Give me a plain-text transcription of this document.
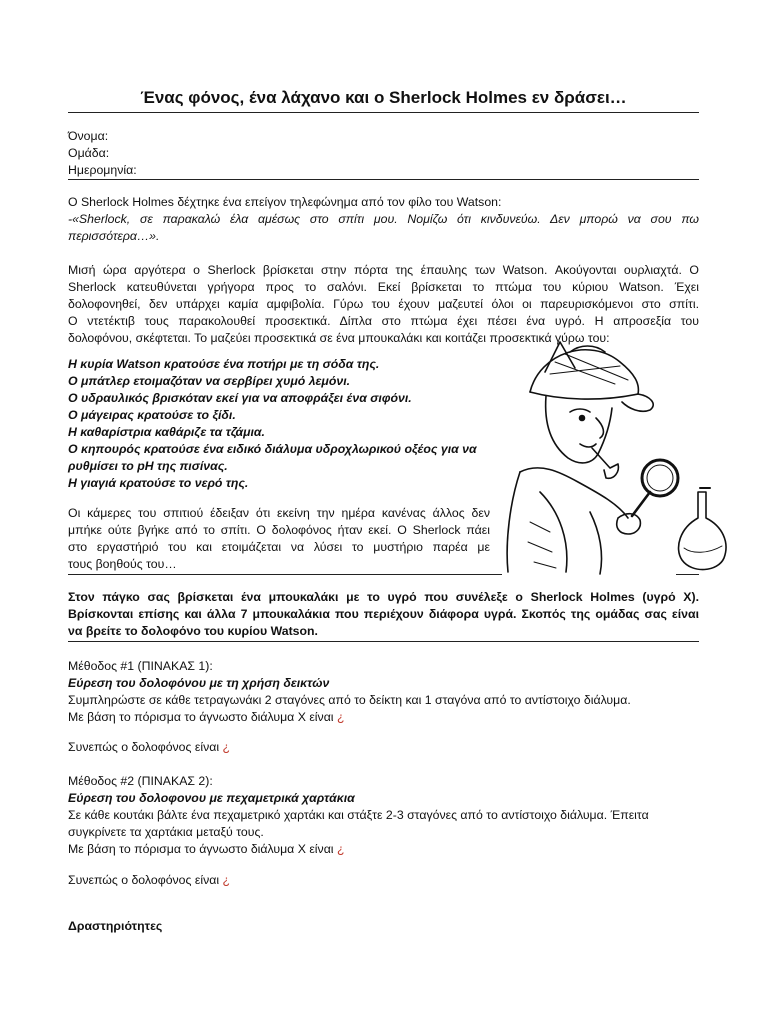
Ένας φόνος, ένα λάχανο και ο Sherlock Holmes εν δράσει…
Όνομα:
Ομάδα:
Ημερομηνία:
O Sherlock Holmes δέχτηκε ένα επείγον τηλεφώνημα από τον φίλο του Watson:
-«Sherlock, σε παρακαλώ έλα αμέσως στο σπίτι μου. Νομίζω ότι κινδυνεύω. Δεν μπορώ να σου πω
περισσότερα…».
Μισή ώρα αργότερα ο Sherlock βρίσκεται στην πόρτα της έπαυλης των Watson. Ακούγονται ουρλιαχτά. O
Sherlock κατευθύνεται γρήγορα προς το σαλόνι. Εκεί βρίσκεται το πτώμα του κύριου Watson. Έχει
δολοφονηθεί, δεν υπάρχει καμία αμφιβολία. Γύρω του έχουν μαζευτεί όλοι οι παρευρισκόμενοι στο σπίτι.
Ο ντετέκτιβ τους παρακολουθεί προσεκτικά. Δίπλα στο πτώμα έχει πέσει ένα υγρό. Η απροσεξία του
δολοφόνου, σκέφτεται. Το μαζεύει προσεκτικά σε ένα μπουκαλάκι και κοιτάζει προσεκτικά γύρω του:
Η κυρία Watson κρατούσε ένα ποτήρι με τη σόδα της.
Ο μπάτλερ ετοιμαζόταν να σερβίρει χυμό λεμόνι.
Ο υδραυλικός βρισκόταν εκεί για να αποφράξει ένα σιφόνι.
Ο μάγειρας κρατούσε το ξίδι.
Η καθαρίστρια καθάριζε τα τζάμια.
Ο κηπουρός κρατούσε ένα ειδικό διάλυμα υδροχλωρικού οξέος για να
ρυθμίσει το pH της πισίνας.
Η γιαγιά κρατούσε το νερό της.
Οι κάμερες του σπιτιού έδειξαν ότι εκείνη την ημέρα κανένας άλλος δεν
μπήκε ούτε βγήκε από το σπίτι. Ο δολοφόνος ήταν εκεί. Ο Sherlock πάει
στο εργαστήριό του και ετοιμάζεται να λύσει το μυστήριο παρέα με
τους βοηθούς του…
Στον πάγκο σας βρίσκεται ένα μπουκαλάκι με το υγρό που συνέλεξε ο Sherlock Holmes (υγρό Χ).
Βρίσκονται επίσης και άλλα 7 μπουκαλάκια που περιέχουν διάφορα υγρά. Σκοπός της ομάδας σας είναι
να βρείτε το δολοφόνο του κυρίου Watson.
Μέθοδος #1 (ΠΙΝΑΚΑΣ 1):
Εύρεση του δολοφόνου με τη χρήση δεικτών
Συμπληρώστε σε κάθε τετραγωνάκι 2 σταγόνες από το δείκτη και 1 σταγόνα από το αντίστοιχο διάλυμα.
Με βάση το πόρισμα το άγνωστο διάλυμα Χ είναι ¿
Συνεπώς ο δολοφόνος είναι ¿
Μέθοδος #2 (ΠΙΝΑΚΑΣ 2):
Εύρεση του δολοφονου με πεχαμετρικά χαρτάκια
Σε κάθε κουτάκι βάλτε ένα πεχαμετρικό χαρτάκι και στάξτε 2-3 σταγόνες από το αντίστοιχο διάλυμα. Έπειτα
συγκρίνετε τα χαρτάκια μεταξύ τους.
Με βάση το πόρισμα το άγνωστο διάλυμα Χ είναι ¿
Συνεπώς ο δολοφόνος είναι ¿
Δραστηριότητες
